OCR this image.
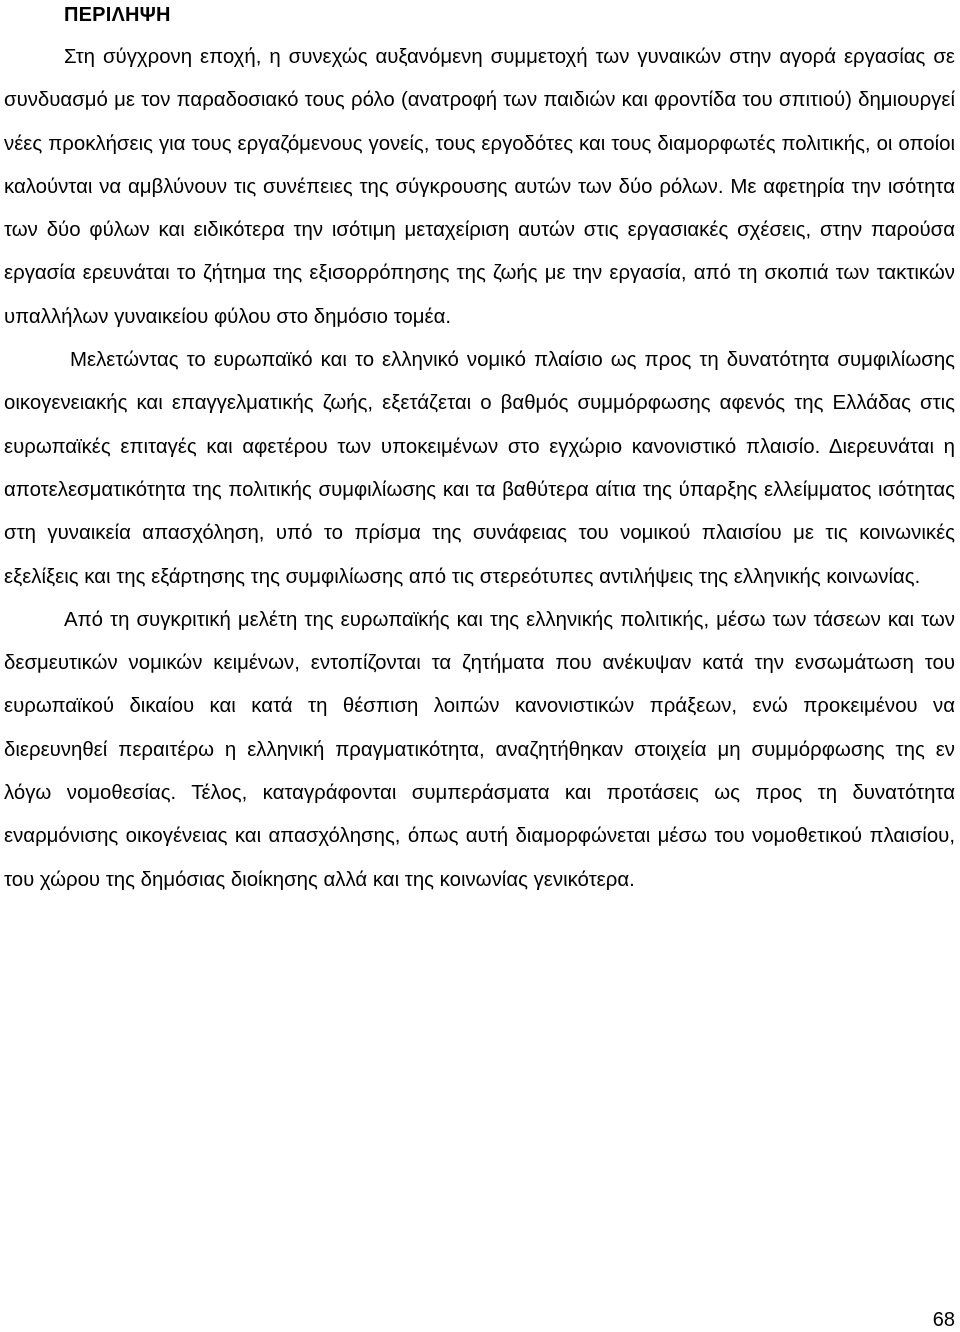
ΠΕΡΙΛΗΨΗ

Στη σύγχρονη εποχή, η συνεχώς αυξανόμενη συμμετοχή των γυναικών στην αγορά εργασίας σε συνδυασμό με τον παραδοσιακό τους ρόλο (ανατροφή των παιδιών και φροντίδα του σπιτιού) δημιουργεί νέες προκλήσεις για τους εργαζόμενους γονείς, τους εργοδότες και τους διαμορφωτές πολιτικής, οι οποίοι καλούνται να αμβλύνουν τις συνέπειες της σύγκρουσης αυτών των δύο ρόλων. Με αφετηρία την ισότητα των δύο φύλων και ειδικότερα την ισότιμη μεταχείριση αυτών στις εργασιακές σχέσεις, στην παρούσα εργασία ερευνάται το ζήτημα της εξισορρόπησης της ζωής με την εργασία, από τη σκοπιά των τακτικών υπαλλήλων γυναικείου φύλου στο δημόσιο τομέα.

Μελετώντας το ευρωπαϊκό και το ελληνικό νομικό πλαίσιο ως προς τη δυνατότητα συμφιλίωσης οικογενειακής και επαγγελματικής ζωής, εξετάζεται ο βαθμός συμμόρφωσης αφενός της Ελλάδας στις ευρωπαϊκές επιταγές και αφετέρου των υποκειμένων στο εγχώριο κανονιστικό πλαισίο. Διερευνάται η αποτελεσματικότητα της πολιτικής συμφιλίωσης και τα βαθύτερα αίτια της ύπαρξης ελλείμματος ισότητας στη γυναικεία απασχόληση, υπό το πρίσμα της συνάφειας του νομικού πλαισίου με τις κοινωνικές εξελίξεις και της εξάρτησης της συμφιλίωσης από τις στερεότυπες αντιλήψεις της ελληνικής κοινωνίας.

Από τη συγκριτική μελέτη της ευρωπαϊκής και της ελληνικής πολιτικής, μέσω των τάσεων και των δεσμευτικών νομικών κειμένων, εντοπίζονται τα ζητήματα που ανέκυψαν κατά την ενσωμάτωση του ευρωπαϊκού δικαίου και κατά τη θέσπιση λοιπών κανονιστικών πράξεων, ενώ προκειμένου να διερευνηθεί περαιτέρω η ελληνική πραγματικότητα, αναζητήθηκαν στοιχεία μη συμμόρφωσης της εν λόγω νομοθεσίας. Τέλος, καταγράφονται συμπεράσματα και προτάσεις ως προς τη δυνατότητα εναρμόνισης οικογένειας και απασχόλησης, όπως αυτή διαμορφώνεται μέσω του νομοθετικού πλαισίου, του χώρου της δημόσιας διοίκησης αλλά και της κοινωνίας γενικότερα.

68
